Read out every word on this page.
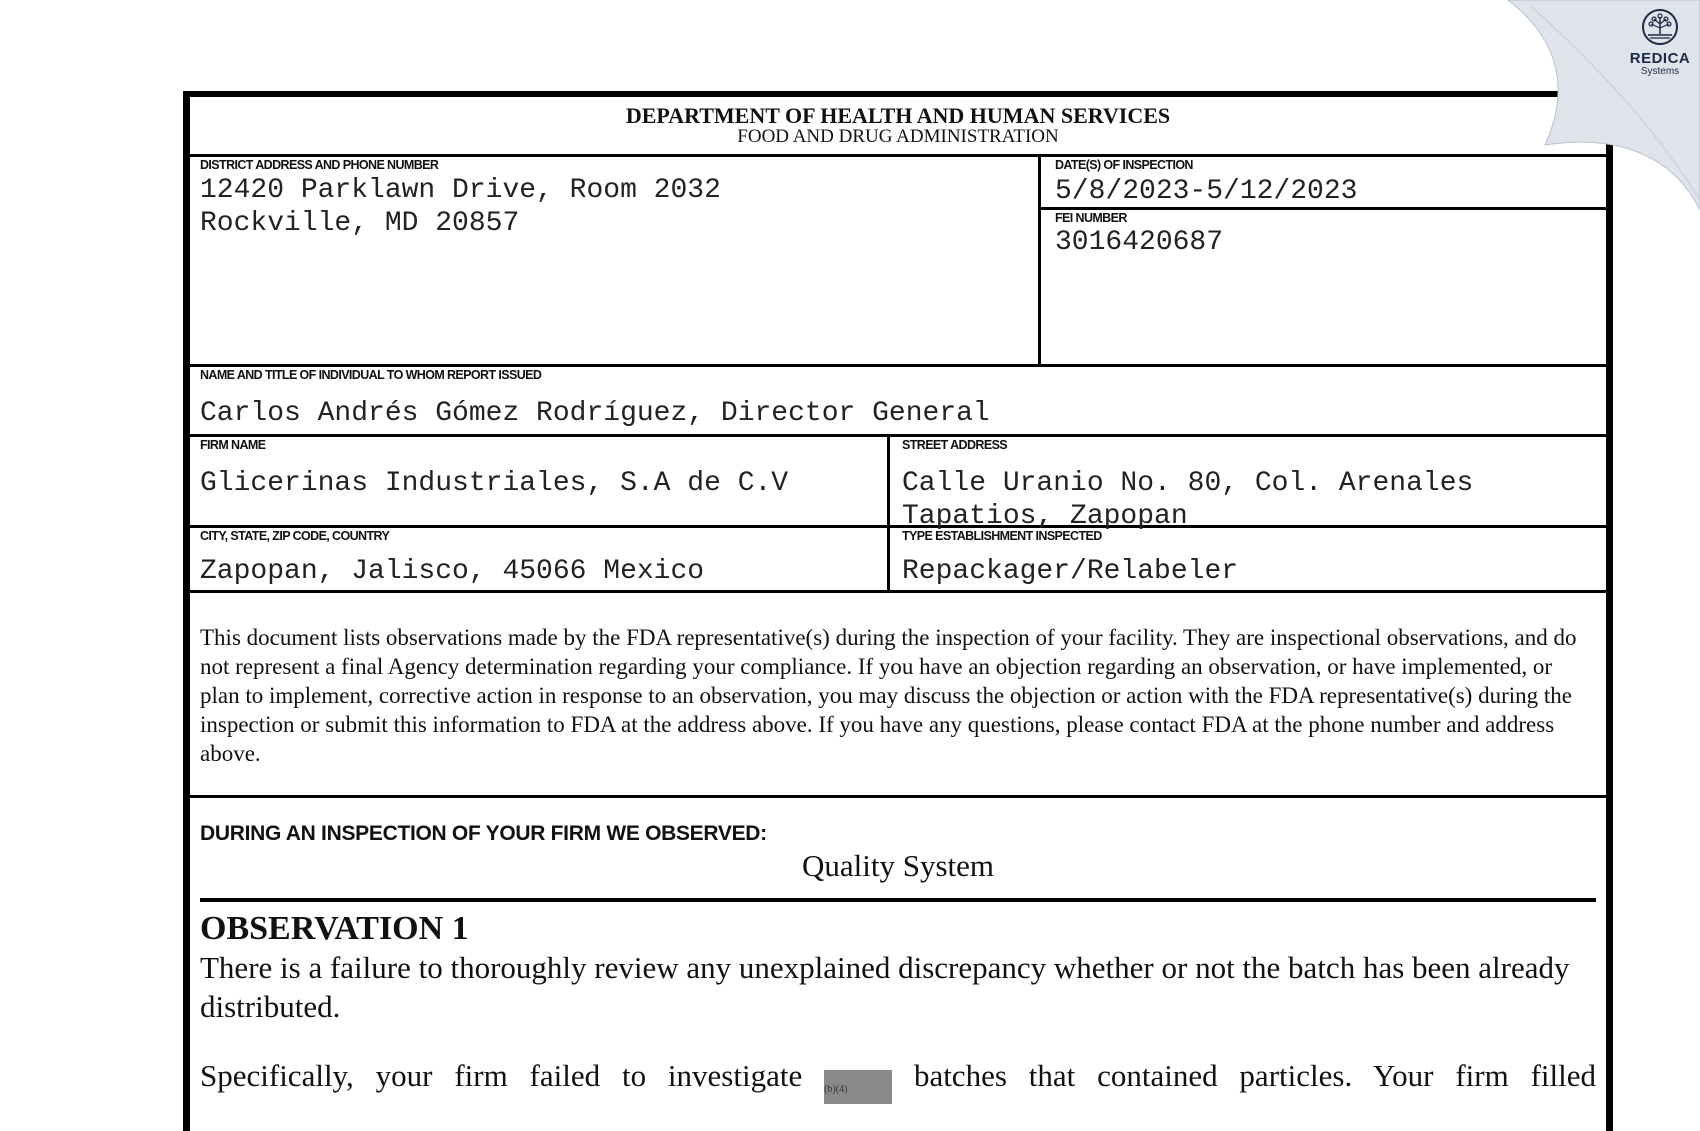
DEPARTMENT OF HEALTH AND HUMAN SERVICES
FOOD AND DRUG ADMINISTRATION
DISTRICT ADDRESS AND PHONE NUMBER
12420 Parklawn Drive, Room 2032
Rockville, MD 20857
DATE(S) OF INSPECTION
5/8/2023-5/12/2023
FEI NUMBER
3016420687
NAME AND TITLE OF INDIVIDUAL TO WHOM REPORT ISSUED
Carlos Andrés Gómez Rodríguez, Director General
FIRM NAME
Glicerinas Industriales, S.A de C.V
STREET ADDRESS
Calle Uranio No. 80, Col. Arenales
Tapatios, Zapopan
CITY, STATE, ZIP CODE, COUNTRY
Zapopan, Jalisco, 45066 Mexico
TYPE ESTABLISHMENT INSPECTED
Repackager/Relabeler
This document lists observations made by the FDA representative(s) during the inspection of your facility. They are inspectional observations, and do not represent a final Agency determination regarding your compliance. If you have an objection regarding an observation, or have implemented, or plan to implement, corrective action in response to an observation, you may discuss the objection or action with the FDA representative(s) during the inspection or submit this information to FDA at the address above. If you have any questions, please contact FDA at the phone number and address above.
DURING AN INSPECTION OF YOUR FIRM WE OBSERVED:
Quality System
OBSERVATION 1
There is a failure to thoroughly review any unexplained discrepancy whether or not the batch has been already distributed.
Specifically, your firm failed to investigate (b)(4) batches that contained particles. Your firm filled
REDICA
Systems
